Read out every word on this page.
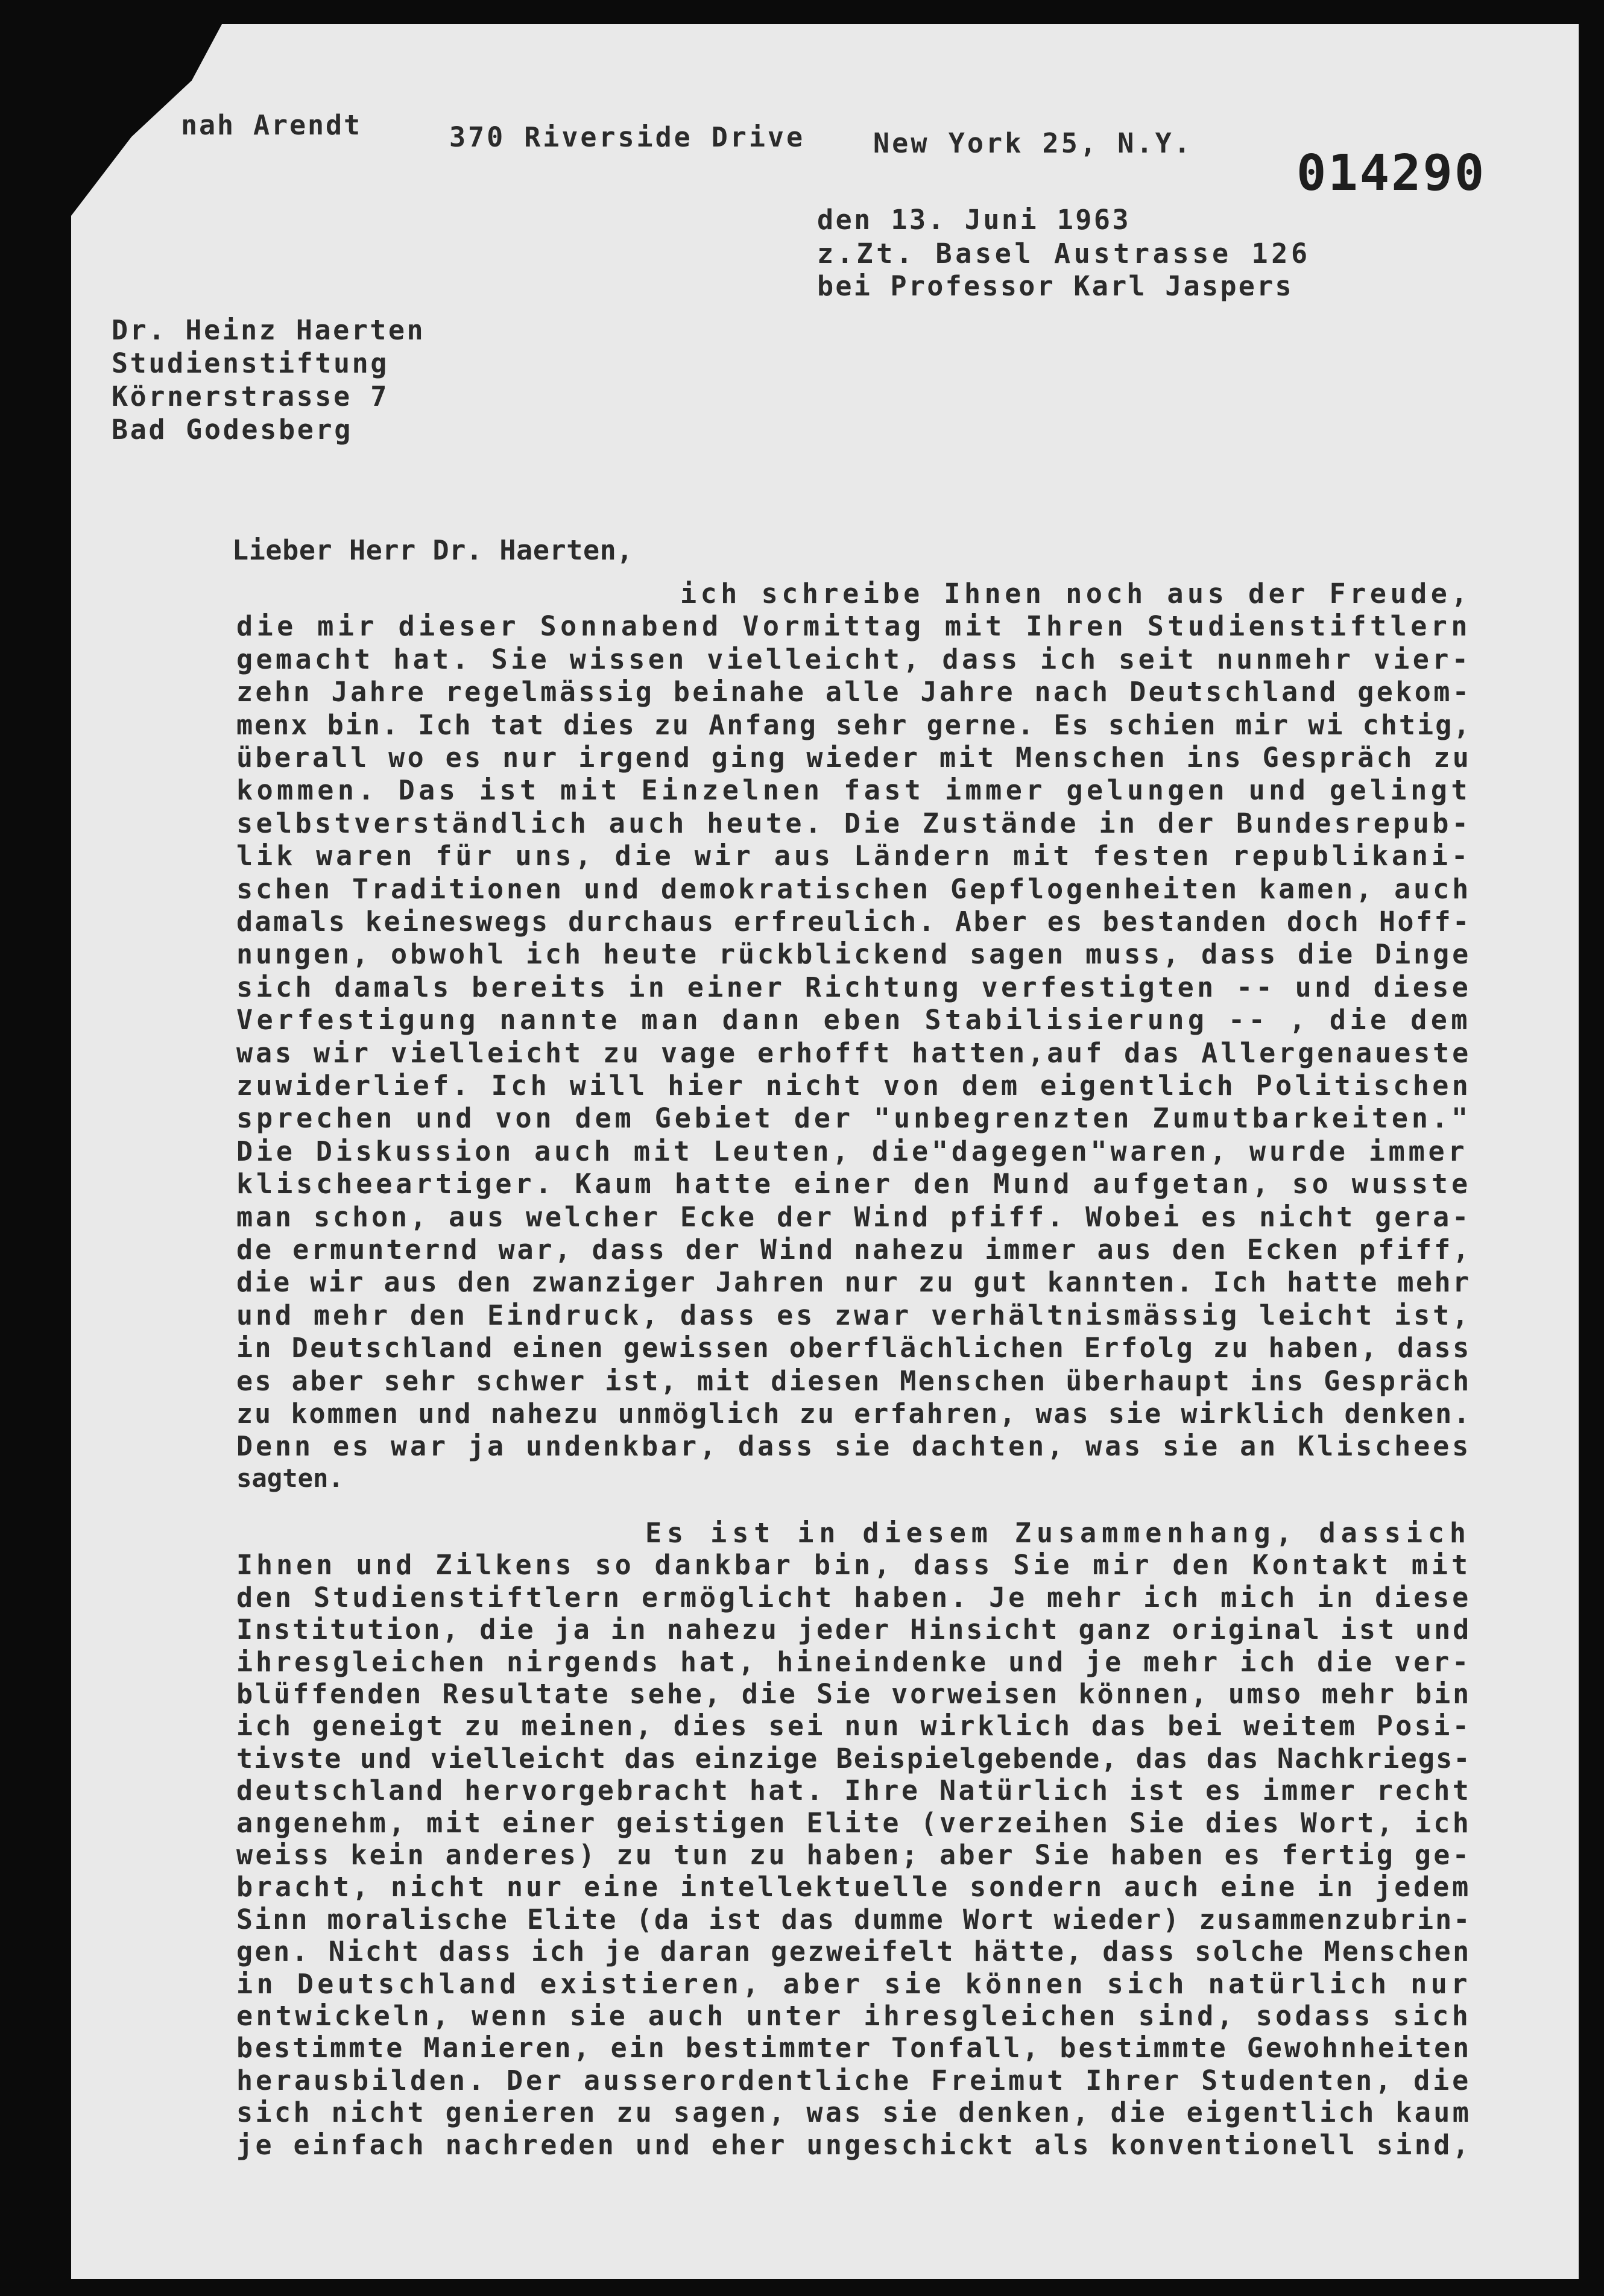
nah Arendt	370 Riverside Drive	New York 25, N.Y.
014290
den 13. Juni 1963
z.Zt. Basel Austrasse 126
bei Professor Karl Jaspers
Dr. Heinz Haerten
Studienstiftung
Körnerstrasse 7
Bad Godesberg
Lieber Herr Dr. Haerten,
ich schreibe Ihnen noch aus der Freude,
die mir dieser Sonnabend Vormittag mit Ihren Studienstiftlern
gemacht hat. Sie wissen vielleicht, dass ich seit nunmehr vier-
zehn Jahre regelmässig beinahe alle Jahre nach Deutschland gekom-
menx bin. Ich tat dies zu Anfang sehr gerne. Es schien mir wi chtig,
überall wo es nur irgend ging wieder mit Menschen ins Gespräch zu
kommen. Das ist mit Einzelnen fast immer gelungen und gelingt
selbstverständlich auch heute. Die Zustände in der Bundesrepub-
lik waren für uns, die wir aus Ländern mit festen republikani-
schen Traditionen und demokratischen Gepflogenheiten kamen, auch
damals keineswegs durchaus erfreulich. Aber es bestanden doch Hoff-
nungen, obwohl ich heute rückblickend sagen muss, dass die Dinge
sich damals bereits in einer Richtung verfestigten -- und diese
Verfestigung nannte man dann eben Stabilisierung -- , die dem
was wir vielleicht zu vage erhofft hatten,auf das Allergenaueste
zuwiderlief. Ich will hier nicht von dem eigentlich Politischen
sprechen und von dem Gebiet der "unbegrenzten Zumutbarkeiten."
Die Diskussion auch mit Leuten, die"dagegen"waren, wurde immer
klischeeartiger. Kaum hatte einer den Mund aufgetan, so wusste
man schon, aus welcher Ecke der Wind pfiff. Wobei es nicht gera-
de ermunternd war, dass der Wind nahezu immer aus den Ecken pfiff,
die wir aus den zwanziger Jahren nur zu gut kannten. Ich hatte mehr
und mehr den Eindruck, dass es zwar verhältnismässig leicht ist,
in Deutschland einen gewissen oberflächlichen Erfolg zu haben, dass
es aber sehr schwer ist, mit diesen Menschen überhaupt ins Gespräch
zu kommen und nahezu unmöglich zu erfahren, was sie wirklich denken.
Denn es war ja undenkbar, dass sie dachten, was sie an Klischees
sagten.
Es ist in diesem Zusammenhang, dassich
Ihnen und Zilkens so dankbar bin, dass Sie mir den Kontakt mit
den Studienstiftlern ermöglicht haben. Je mehr ich mich in diese
Institution, die ja in nahezu jeder Hinsicht ganz original ist und
ihresgleichen nirgends hat, hineindenke und je mehr ich die ver-
blüffenden Resultate sehe, die Sie vorweisen können, umso mehr bin
ich geneigt zu meinen, dies sei nun wirklich das bei weitem Posi-
tivste und vielleicht das einzige Beispielgebende, das das Nachkriegs-
deutschland hervorgebracht hat. Ihre Natürlich ist es immer recht
angenehm, mit einer geistigen Elite (verzeihen Sie dies Wort, ich
weiss kein anderes) zu tun zu haben; aber Sie haben es fertig ge-
bracht, nicht nur eine intellektuelle sondern auch eine in jedem
Sinn moralische Elite (da ist das dumme Wort wieder) zusammenzubrin-
gen. Nicht dass ich je daran gezweifelt hätte, dass solche Menschen
in Deutschland existieren, aber sie können sich natürlich nur
entwickeln, wenn sie auch unter ihresgleichen sind, sodass sich
bestimmte Manieren, ein bestimmter Tonfall, bestimmte Gewohnheiten
herausbilden. Der ausserordentliche Freimut Ihrer Studenten, die
sich nicht genieren zu sagen, was sie denken, die eigentlich kaum
je einfach nachreden und eher ungeschickt als konventionell sind,
